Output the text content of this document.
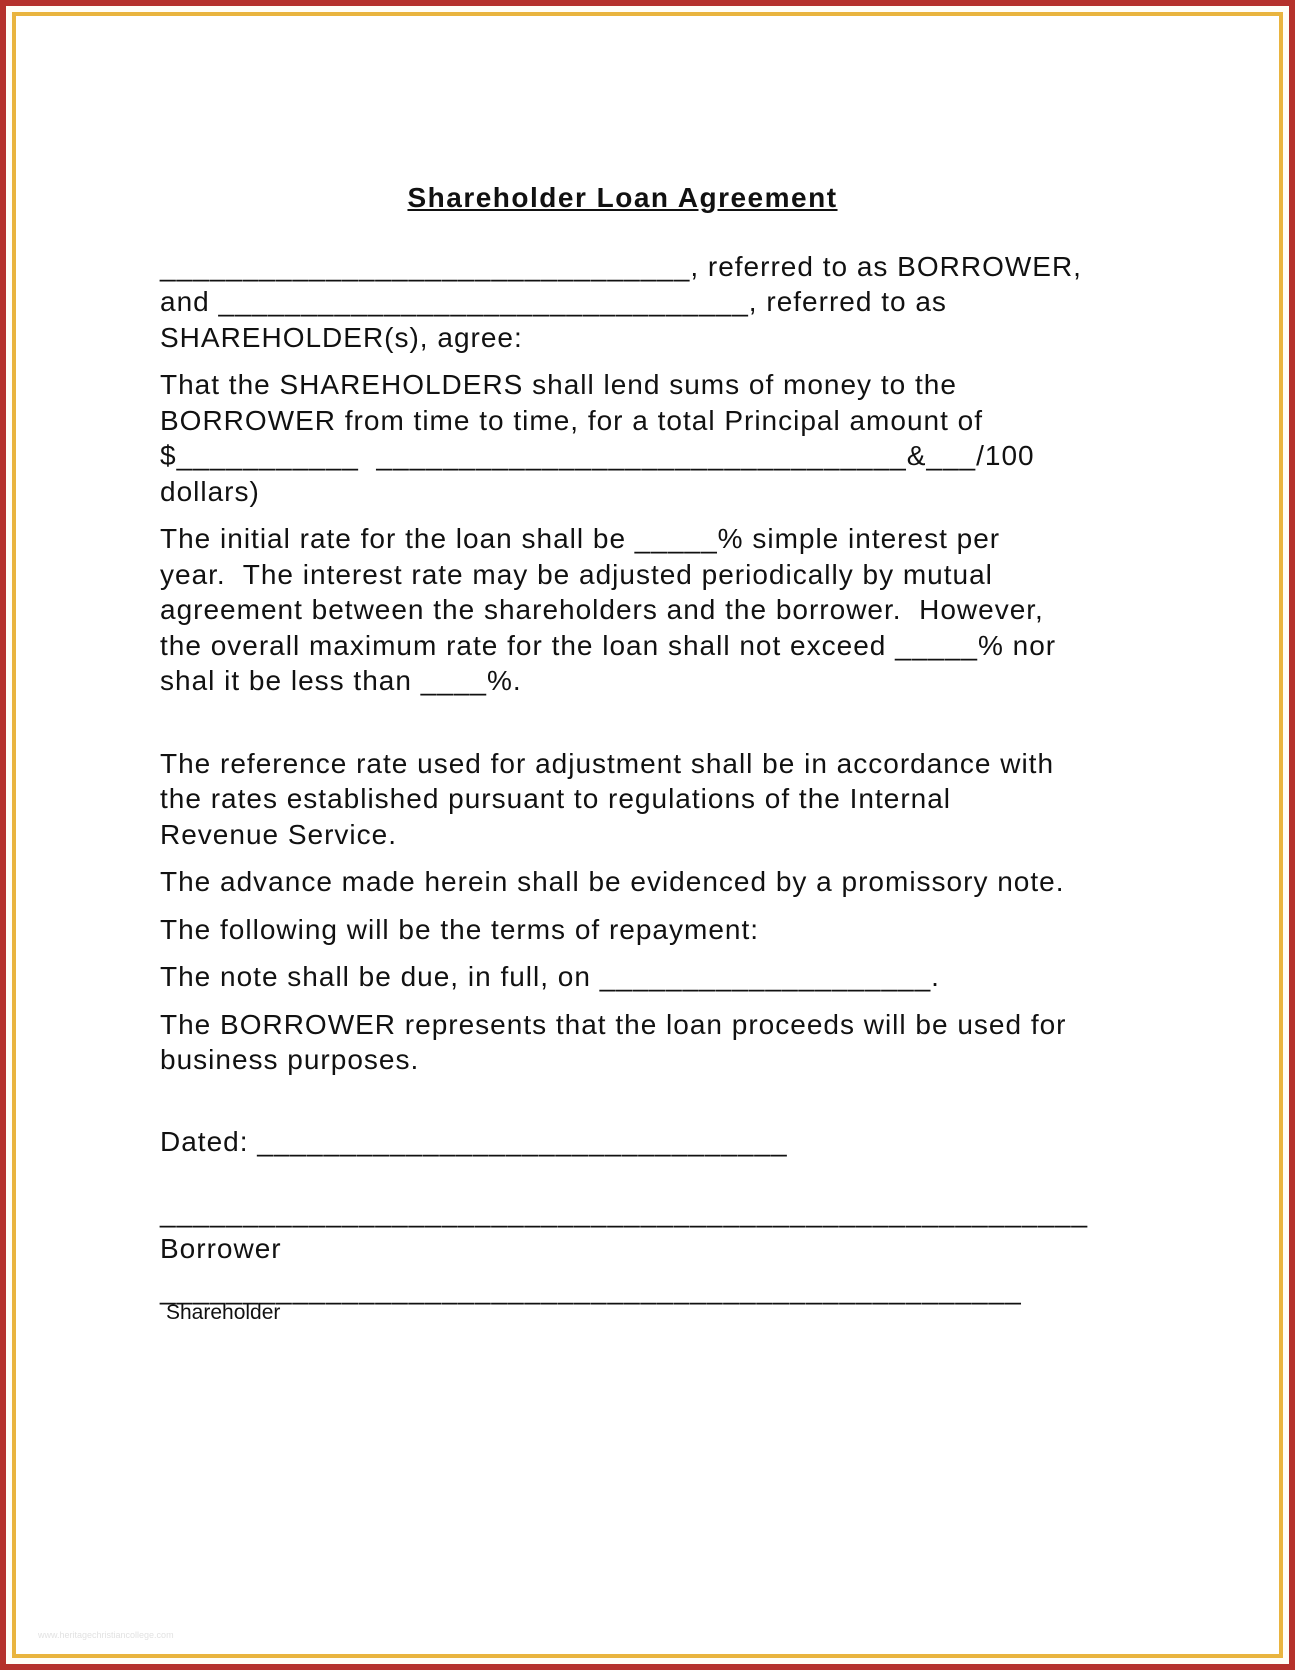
Shareholder Loan Agreement
________________________________, referred to as BORROWER,
and ________________________________, referred to as
SHAREHOLDER(s), agree:
That the SHAREHOLDERS shall lend sums of money to the
BORROWER from time to time, for a total Principal amount of
$___________  ________________________________&___/100
dollars)
The initial rate for the loan shall be _____% simple interest per
year.  The interest rate may be adjusted periodically by mutual
agreement between the shareholders and the borrower.  However,
the overall maximum rate for the loan shall not exceed _____% nor
shal it be less than ____%.
The reference rate used for adjustment shall be in accordance with
the rates established pursuant to regulations of the Internal
Revenue Service.
The advance made herein shall be evidenced by a promissory note.
The following will be the terms of repayment:
The note shall be due, in full, on ____________________.
The BORROWER represents that the loan proceeds will be used for
business purposes.
Dated: ________________________________
________________________________________________________
Borrower
____________________________________________________
Shareholder
www.heritagechristiancollege.com
